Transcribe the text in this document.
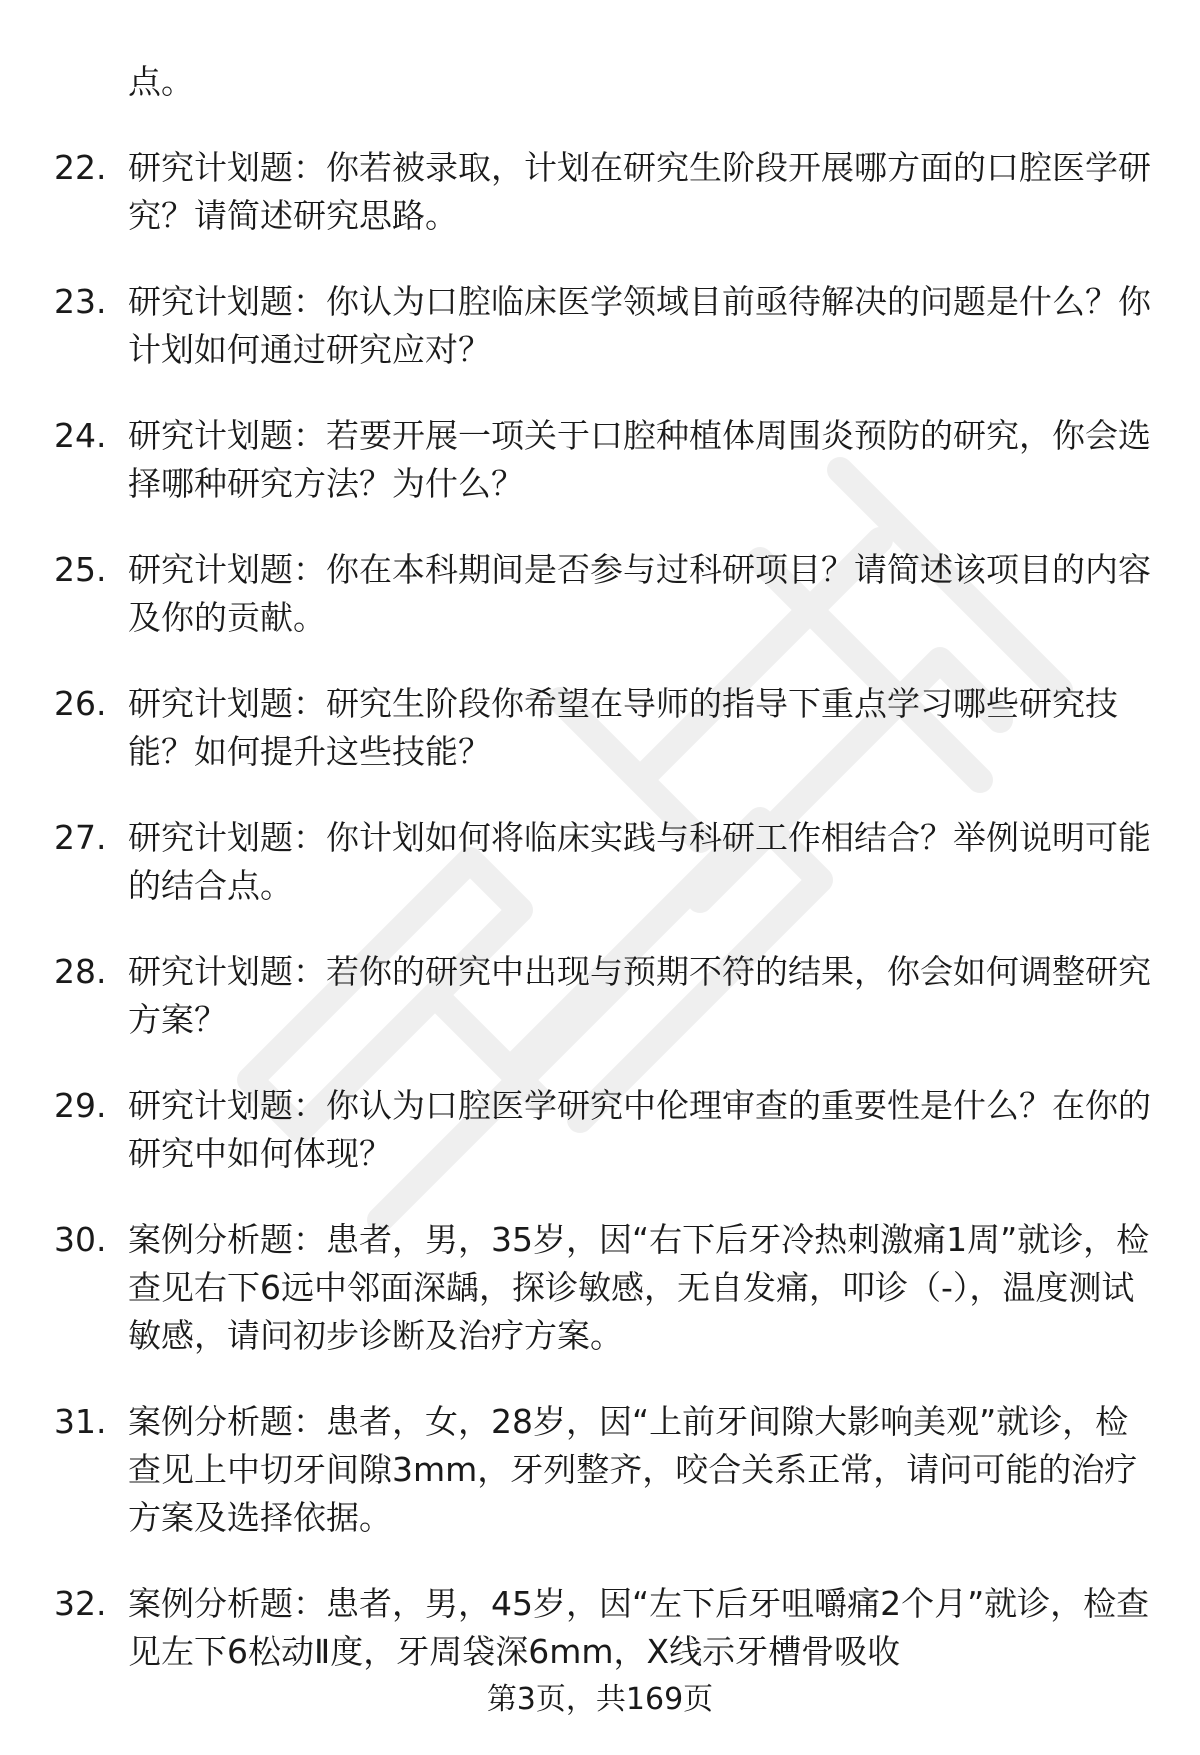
点。

22. 研究计划题：你若被录取，计划在研究生阶段开展哪方面的口腔医学研究？请简述研究思路。
23. 研究计划题：你认为口腔临床医学领域目前亟待解决的问题是什么？你计划如何通过研究应对？
24. 研究计划题：若要开展一项关于口腔种植体周围炎预防的研究，你会选择哪种研究方法？为什么？
25. 研究计划题：你在本科期间是否参与过科研项目？请简述该项目的内容及你的贡献。
26. 研究计划题：研究生阶段你希望在导师的指导下重点学习哪些研究技能？如何提升这些技能？
27. 研究计划题：你计划如何将临床实践与科研工作相结合？举例说明可能的结合点。
28. 研究计划题：若你的研究中出现与预期不符的结果，你会如何调整研究方案？
29. 研究计划题：你认为口腔医学研究中伦理审查的重要性是什么？在你的研究中如何体现？
30. 案例分析题：患者，男，35岁，因“右下后牙冷热刺激痛1周”就诊，检查见右下6远中邻面深龋，探诊敏感，无自发痛，叩诊（-），温度测试敏感，请问初步诊断及治疗方案。
31. 案例分析题：患者，女，28岁，因“上前牙间隙大影响美观”就诊，检查见上中切牙间隙3mm，牙列整齐，咬合关系正常，请问可能的治疗方案及选择依据。
32. 案例分析题：患者，男，45岁，因“左下后牙咀嚼痛2个月”就诊，检查见左下6松动Ⅱ度，牙周袋深6mm，X线示牙槽骨吸收
第3页，共169页
